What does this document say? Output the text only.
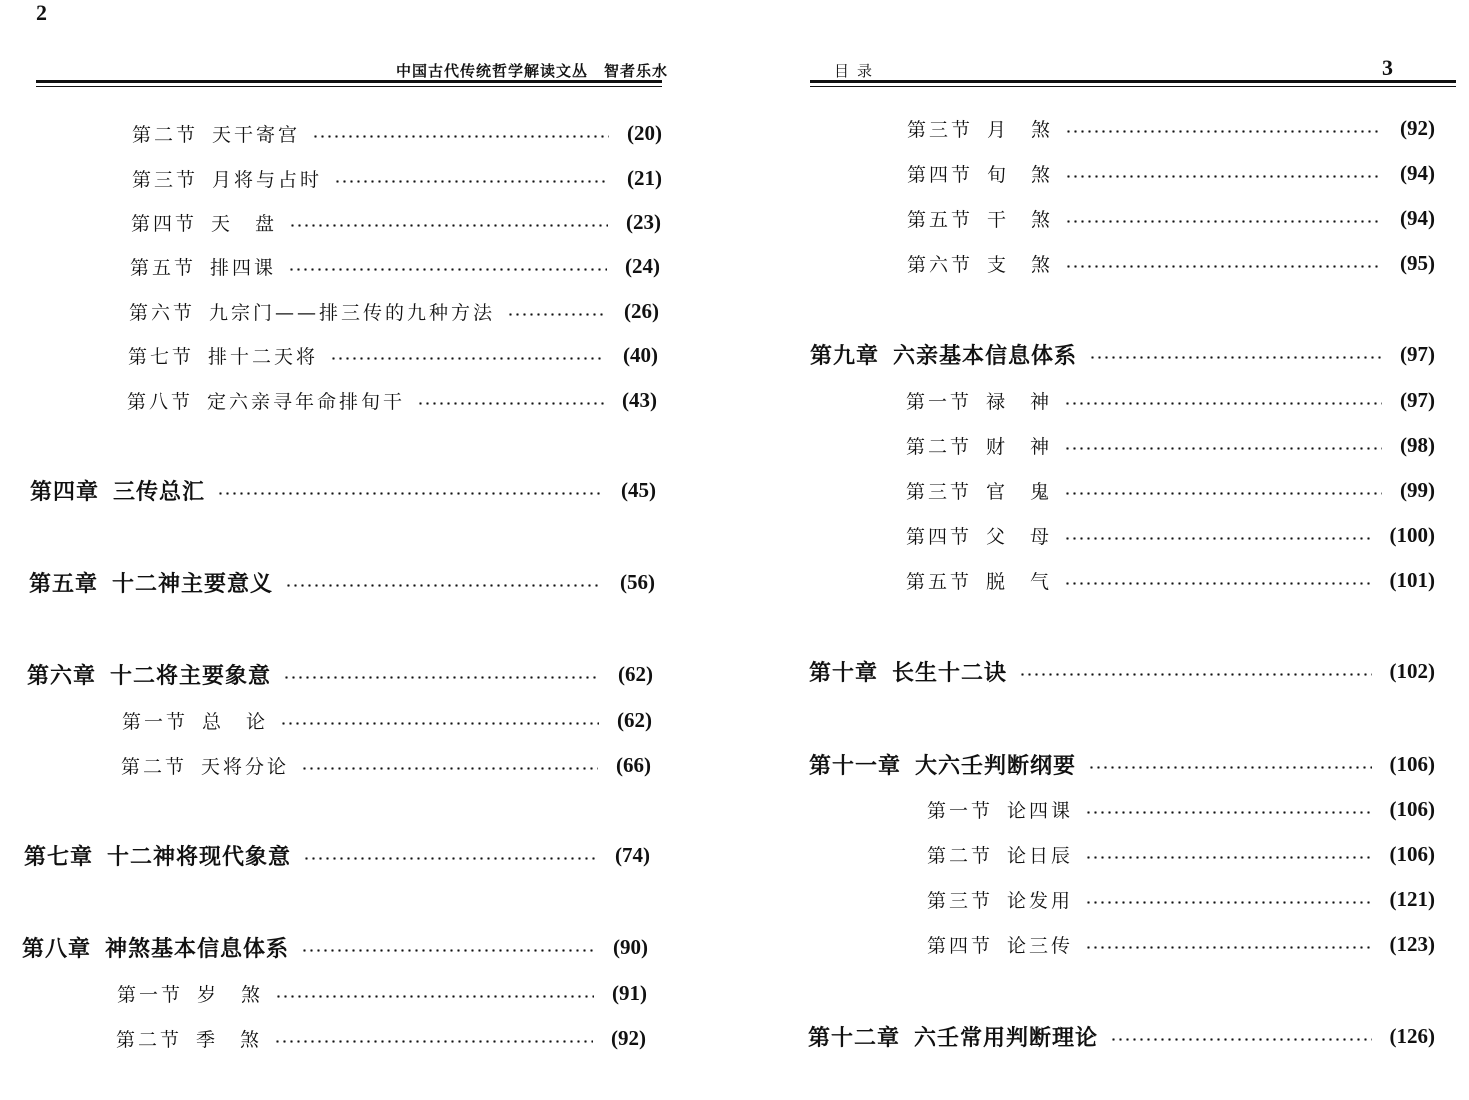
2
中国古代传统哲学解读文丛　智者乐水
第二节 天干寄宫	(20)
第三节 月将与占时	(21)
第四节 天　盘	(23)
第五节 排四课	(24)
第六节 九宗门——排三传的九种方法	(26)
第七节 排十二天将	(40)
第八节 定六亲寻年命排旬干	(43)
第四章 三传总汇	(45)
第五章 十二神主要意义	(56)
第六章 十二将主要象意	(62)
第一节 总　论	(62)
第二节 天将分论	(66)
第七章 十二神将现代象意	(74)
第八章 神煞基本信息体系	(90)
第一节 岁　煞	(91)
第二节 季　煞	(92)
目录	3
第三节 月　煞	(92)
第四节 旬　煞	(94)
第五节 干　煞	(94)
第六节 支　煞	(95)
第九章 六亲基本信息体系	(97)
第一节 禄　神	(97)
第二节 财　神	(98)
第三节 官　鬼	(99)
第四节 父　母	(100)
第五节 脱　气	(101)
第十章 长生十二诀	(102)
第十一章 大六壬判断纲要	(106)
第一节 论四课	(106)
第二节 论日辰	(106)
第三节 论发用	(121)
第四节 论三传	(123)
第十二章 六壬常用判断理论	(126)
